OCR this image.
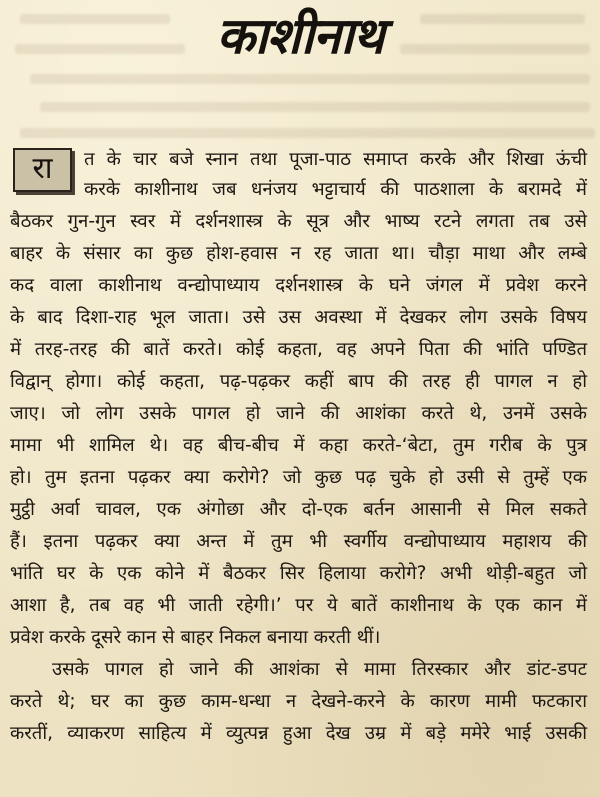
काशीनाथ
रा त के चार बजे स्नान तथा पूजा-पाठ समाप्त करके और शिखा ऊंची
करके काशीनाथ जब धनंजय भट्टाचार्य की पाठशाला के बरामदे में
बैठकर गुन-गुन स्वर में दर्शनशास्त्र के सूत्र और भाष्य रटने लगता तब उसे
बाहर के संसार का कुछ होश-हवास न रह जाता था। चौड़ा माथा और लम्बे
कद वाला काशीनाथ वन्द्योपाध्याय दर्शनशास्त्र के घने जंगल में प्रवेश करने
के बाद दिशा-राह भूल जाता। उसे उस अवस्था में देखकर लोग उसके विषय
में तरह-तरह की बातें करते। कोई कहता, वह अपने पिता की भांति पण्डित
विद्वान् होगा। कोई कहता, पढ़-पढ़कर कहीं बाप की तरह ही पागल न हो
जाए। जो लोग उसके पागल हो जाने की आशंका करते थे, उनमें उसके
मामा भी शामिल थे। वह बीच-बीच में कहा करते-‘बेटा, तुम गरीब के पुत्र
हो। तुम इतना पढ़कर क्या करोगे? जो कुछ पढ़ चुके हो उसी से तुम्हें एक
मुट्ठी अर्वा चावल, एक अंगोछा और दो-एक बर्तन आसानी से मिल सकते
हैं। इतना पढ़कर क्या अन्त में तुम भी स्वर्गीय वन्द्योपाध्याय महाशय की
भांति घर के एक कोने में बैठकर सिर हिलाया करोगे? अभी थोड़ी-बहुत जो
आशा है, तब वह भी जाती रहेगी।’ पर ये बातें काशीनाथ के एक कान में
प्रवेश करके दूसरे कान से बाहर निकल बनाया करती थीं।
उसके पागल हो जाने की आशंका से मामा तिरस्कार और डांट-डपट
करते थे; घर का कुछ काम-धन्धा न देखने-करने के कारण मामी फटकारा
करतीं, व्याकरण साहित्य में व्युत्पन्न हुआ देख उम्र में बड़े ममेरे भाई उसकी
